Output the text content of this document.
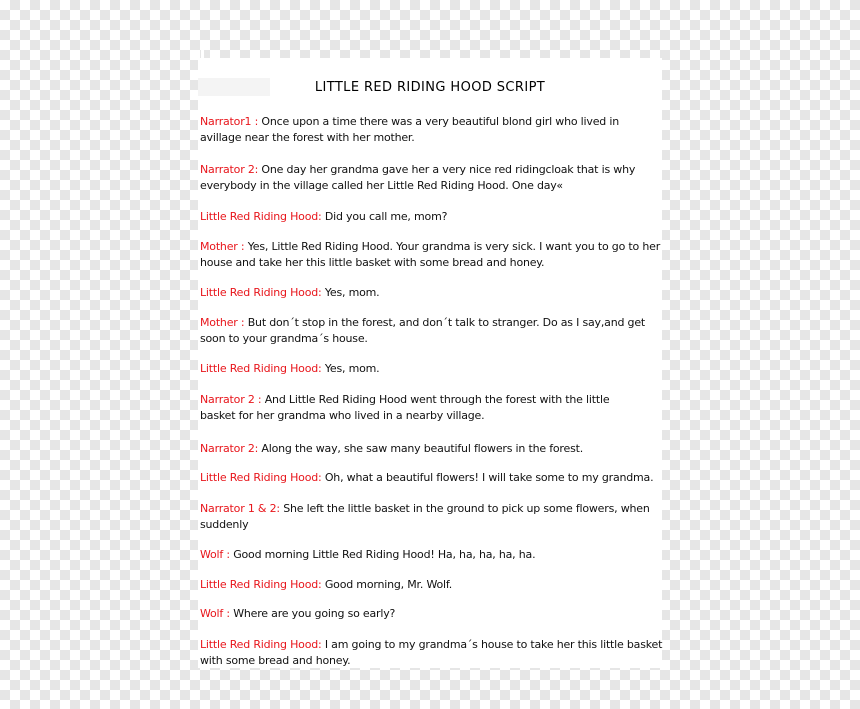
LITTLE RED RIDING HOOD SCRIPT
Narrator1 : Once upon a time there was a very beautiful blond girl who lived in
avillage near the forest with her mother.
Narrator 2: One day her grandma gave her a very nice red ridingcloak that is why
everybody in the village called her Little Red Riding Hood. One day«
Little Red Riding Hood: Did you call me, mom?
Mother : Yes, Little Red Riding Hood. Your grandma is very sick. I want you to go to her
house and take her this little basket with some bread and honey.
Little Red Riding Hood: Yes, mom.
Mother : But don´t stop in the forest, and don´t talk to stranger. Do as I say,and get
soon to your grandma´s house.
Little Red Riding Hood: Yes, mom.
Narrator 2 : And Little Red Riding Hood went through the forest with the little
basket for her grandma who lived in a nearby village.
Narrator 2: Along the way, she saw many beautiful flowers in the forest.
Little Red Riding Hood: Oh, what a beautiful flowers! I will take some to my grandma.
Narrator 1 & 2: She left the little basket in the ground to pick up some flowers, when
suddenly
Wolf : Good morning Little Red Riding Hood! Ha, ha, ha, ha, ha.
Little Red Riding Hood: Good morning, Mr. Wolf.
Wolf : Where are you going so early?
Little Red Riding Hood: I am going to my grandma´s house to take her this little basket
with some bread and honey.
